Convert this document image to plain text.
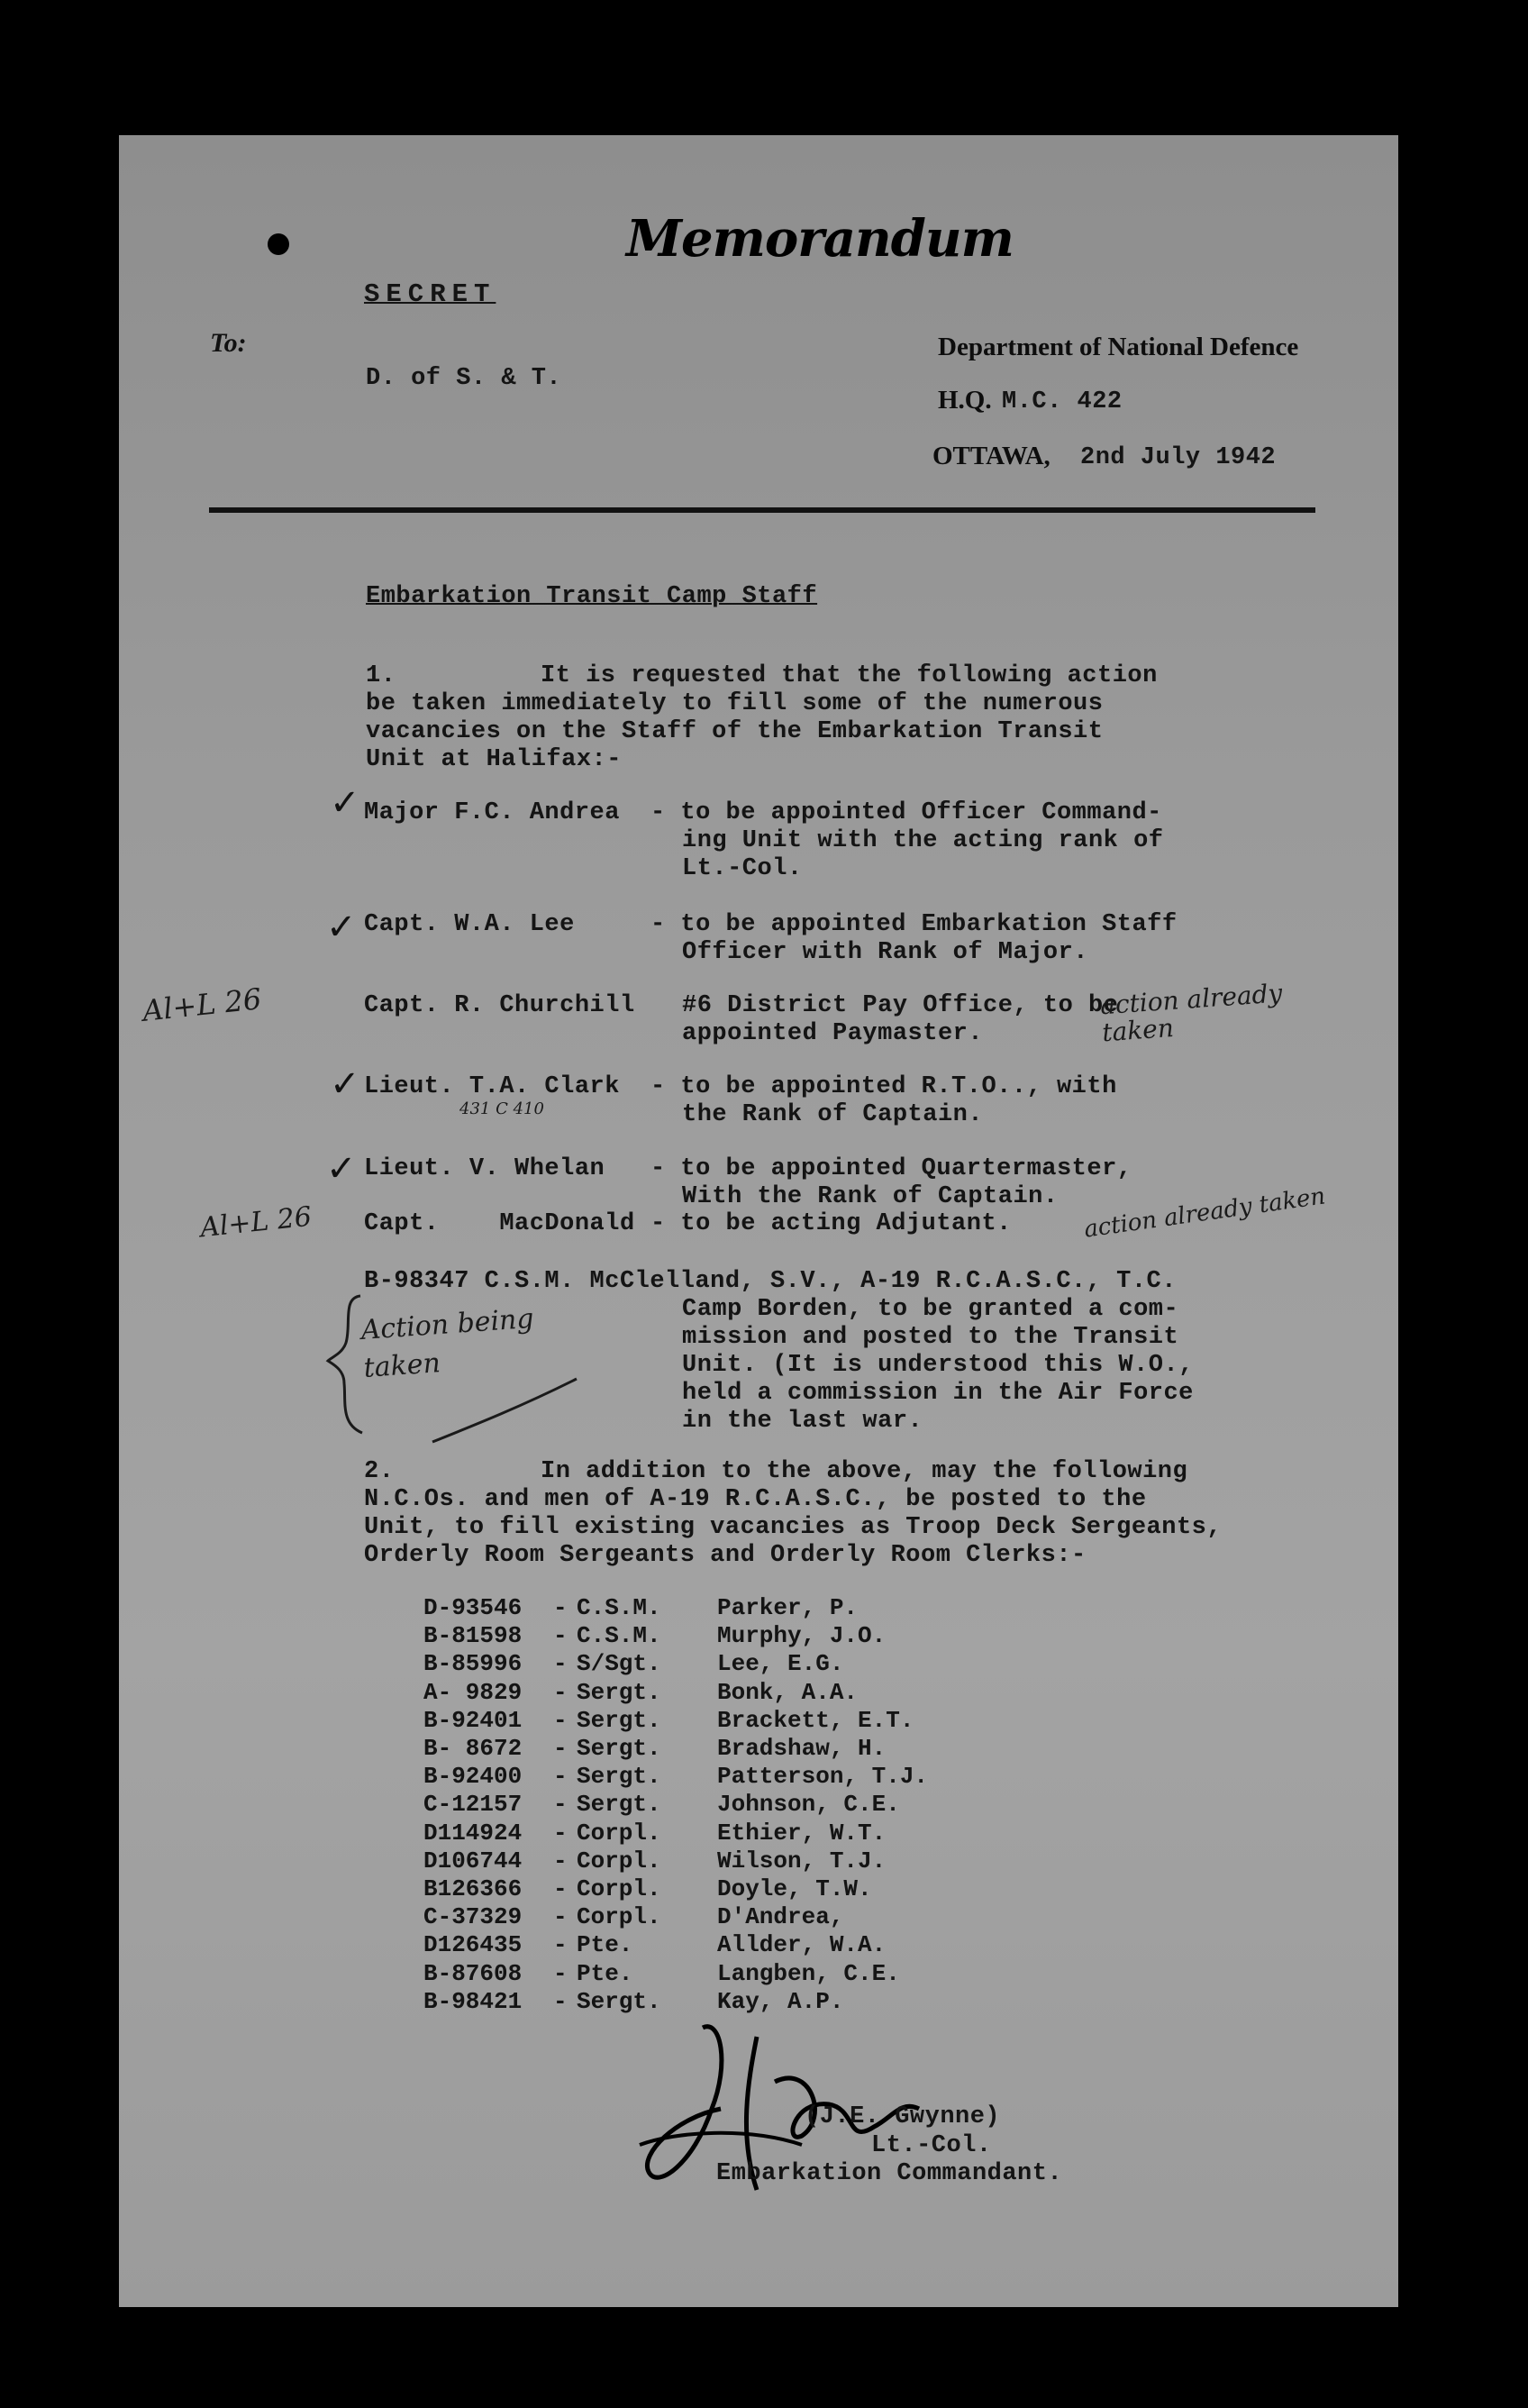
Memorandum
SECRET
To:
D. of S. & T.
Department of National Defence
H.Q. M.C. 422
OTTAWA, 2nd July 1942
Embarkation Transit Camp Staff
1.	It is requested that the following action
be taken immediately to fill some of the numerous
vacancies on the Staff of the Embarkation Transit
Unit at Halifax:-
✓ Major F.C. Andrea - to be appointed Officer Command-
ing Unit with the acting rank of
Lt.-Col.
✓ Capt. W.A. Lee	- to be appointed Embarkation Staff
Officer with Rank of Major.
Al+L 26	Capt. R. Churchill #6 District Pay Office, to be
appointed Paymaster.
action already taken
✓ Lieut. T.A. Clark - to be appointed R.T.O.., with
the Rank of Captain.
431 C 410
✓ Lieut. V. Whelan - to be appointed Quartermaster,
With the Rank of Captain.
Al+L 26 Capt.    MacDonald - to be acting Adjutant.	action already taken
B-98347 C.S.M. McClelland, S.V., A-19 R.C.A.S.C., T.C.
Camp Borden, to be granted a com-
mission and posted to the Transit
Unit. (It is understood this W.O.,
held a commission in the Air Force
in the last war.
Action being taken
2.	In addition to the above, may the following
N.C.Os. and men of A-19 R.C.A.S.C., be posted to the
Unit, to fill existing vacancies as Troop Deck Sergeants,
Orderly Room Sergeants and Orderly Room Clerks:-
D-93546 - C.S.M. Parker, P.
B-81598 - C.S.M. Murphy, J.O.
B-85996 - S/Sgt. Lee, E.G.
A- 9829 - Sergt. Bonk, A.A.
B-92401 - Sergt. Brackett, E.T.
B- 8672 - Sergt. Bradshaw, H.
B-92400 - Sergt. Patterson, T.J.
C-12157 - Sergt. Johnson, C.E.
D114924 - Corpl. Ethier, W.T.
D106744 - Corpl. Wilson, T.J.
B126366 - Corpl. Doyle, T.W.
C-37329 - Corpl. D'Andrea,
D126435 - Pte.	Allder, W.A.
B-87608 - Pte.	Langben, C.E.
B-98421 - Sergt. Kay, A.P.
(J.E. Gwynne)
Lt.-Col.
Embarkation Commandant.
